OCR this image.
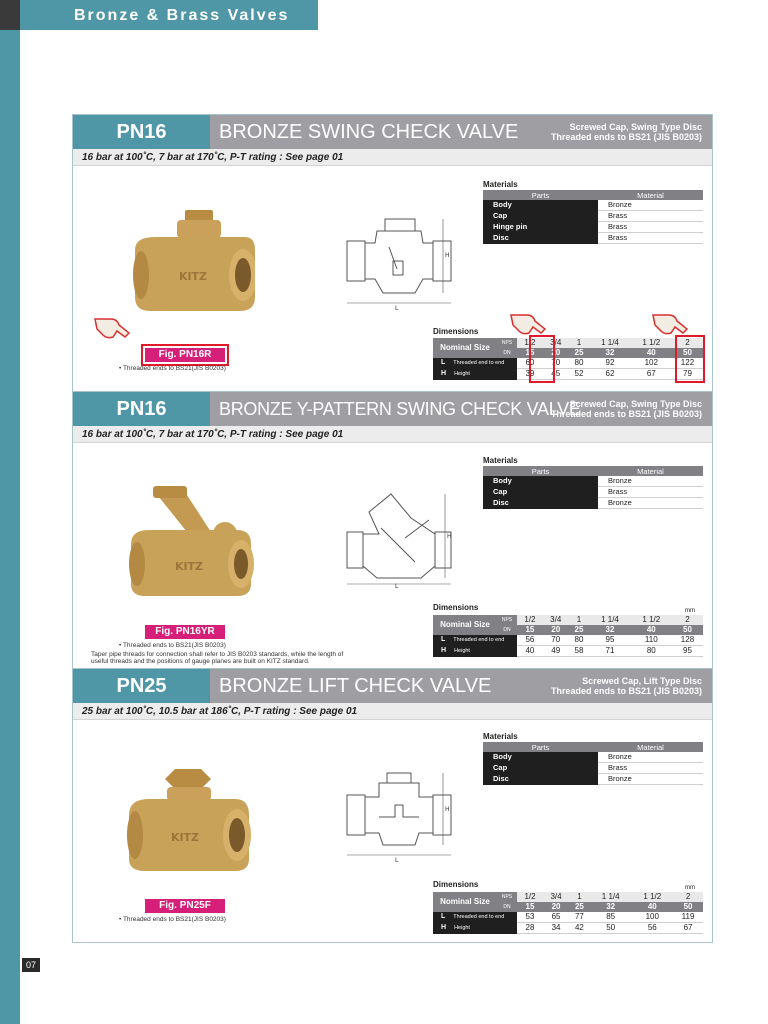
Bronze & Brass Valves
07
PN16	BRONZE SWING CHECK VALVE	Screwed Cap, Swing Type Disc
Threaded ends to BS21 (JIS B0203)
16 bar at 100˚C, 7 bar at 170˚C, P-T rating : See page 01
KITZ
H
L
Fig. PN16R
• Threaded ends to BS21(JIS B0203)
Materials
Parts	Material
Body	Bronze
Cap	Brass
Hinge pin	Brass
Disc	Brass
Dimensions
Nominal Size	NPS	1/2	3/4	1	1 1/4	1 1/2	2
	DN	15	20	25	32	40	50
L Threaded end to end		60	70	80	92	102	122
H Height		39	45	52	62	67	79
PN16	BRONZE Y-PATTERN SWING CHECK VALVE
Screwed Cap, Swing Type Disc
Threaded ends to BS21 (JIS B0203)
16 bar at 100˚C, 7 bar at 170˚C, P-T rating : See page 01
KITZ
H
L
Fig. PN16YR
• Threaded ends to BS21(JIS B0203)
Taper pipe threads for connection shall refer to JIS B0203 standards, while the length of useful threads and the positions of gauge planes are built on KITZ standard.
Materials
Parts	Material
Body	Bronze
Cap	Brass
Disc	Bronze
Dimensions	mm
Nominal Size	NPS	1/2	3/4	1	1 1/4	1 1/2	2
	DN	15	20	25	32	40	50
L Threaded end to end		56	70	80	95	110	128
H Height		40	49	58	71	80	95
PN25	BRONZE LIFT CHECK VALVE	Screwed Cap, Lift Type Disc
Threaded ends to BS21 (JIS B0203)
25 bar at 100˚C, 10.5 bar at 186˚C, P-T rating : See page 01
KITZ
H
L
Fig. PN25F
• Threaded ends to BS21(JIS B0203)
Materials
Parts	Material
Body	Bronze
Cap	Brass
Disc	Bronze
Dimensions	mm
Nominal Size	NPS	1/2	3/4	1	1 1/4	1 1/2	2
	DN	15	20	25	32	40	50
L Threaded end to end		53	65	77	85	100	119
H Height		28	34	42	50	56	67
